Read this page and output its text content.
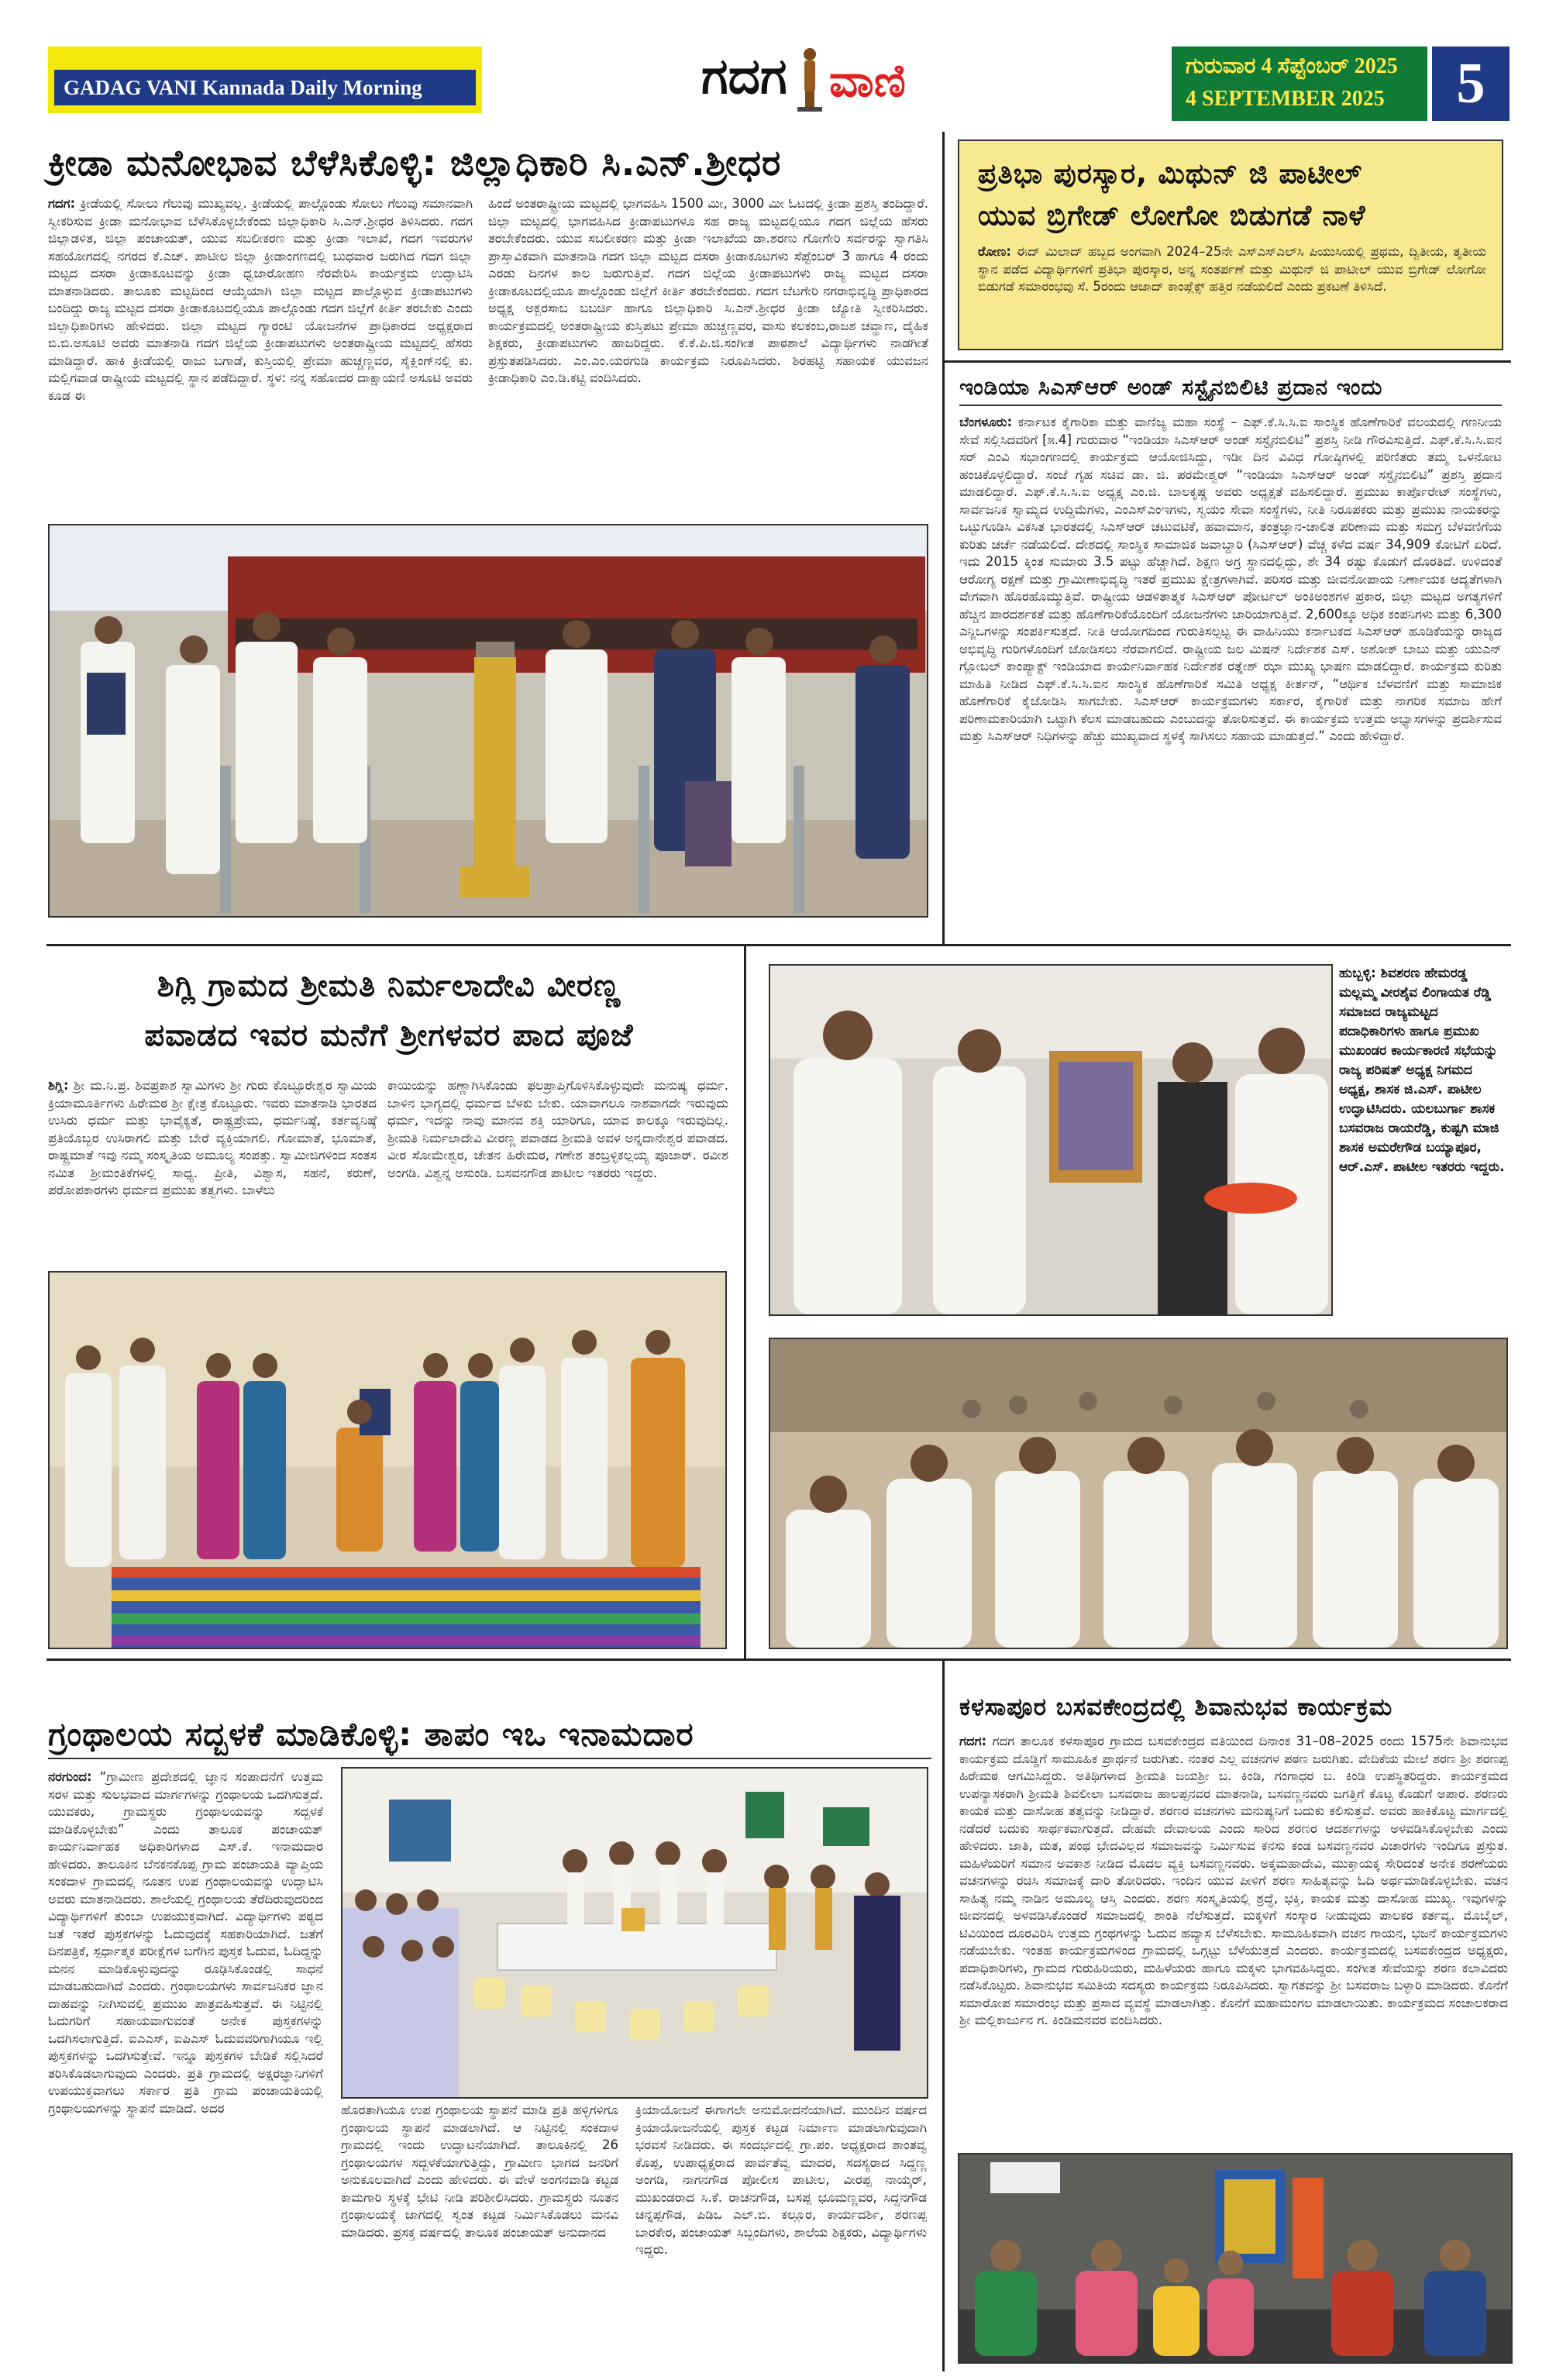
GADAG VANI Kannada Daily Morning	ಗದಗ ವಾಣಿ	ಗುರುವಾರ 4 ಸೆಪ್ಟೆಂಬರ್ 2025
4 SEPTEMBER 2025	5
ಕ್ರೀಡಾ ಮನೋಭಾವ ಬೆಳೆಸಿಕೊಳ್ಳಿ: ಜಿಲ್ಲಾಧಿಕಾರಿ ಸಿ.ಎನ್.ಶ್ರೀಧರ
ಗದಗ: ಕ್ರೀಡೆಯಲ್ಲಿ ಸೋಲು ಗೆಲುವು ಮುಖ್ಯವಲ್ಲ. ಕ್ರೀಡೆಯಲ್ಲಿ ಪಾಲ್ಗೊಂಡು ಸೋಲು ಗೆಲುವು ಸಮಾನವಾಗಿ ಸ್ವೀಕರಿಸುವ ಕ್ರೀಡಾ ಮನೋಭಾವ ಬೆಳೆಸಿಕೊಳ್ಳಬೇಕೆಂದು ಜಿಲ್ಲಾಧಿಕಾರಿ ಸಿ.ಎನ್.ಶ್ರೀಧರ ತಿಳಿಸಿದರು. ಗದಗ ಜಿಲ್ಲಾಡಳಿತ, ಜಿಲ್ಲಾ ಪಂಚಾಯತ್, ಯುವ ಸಬಲೀಕರಣ ಮತ್ತು ಕ್ರೀಡಾ ಇಲಾಖೆ, ಗದಗ ಇವರುಗಳ ಸಹಯೋಗದಲ್ಲಿ ನಗರದ ಕೆ.ಎಚ್. ಪಾಟೀಲ ಜಿಲ್ಲಾ ಕ್ರೀಡಾಂಗಣದಲ್ಲಿ ಬುಧವಾರ ಜರುಗಿದ ಗದಗ ಜಿಲ್ಲಾ ಮಟ್ಟದ ದಸರಾ ಕ್ರೀಡಾಕೂಟವನ್ನು ಕ್ರೀಡಾ ಧ್ವಜಾರೋಹಣ ನೆರವೇರಿಸಿ ಕಾರ್ಯಕ್ರಮ ಉದ್ಘಾಟಿಸಿ ಮಾತನಾಡಿದರು. ತಾಲೂಕು ಮಟ್ಟದಿಂದ ಆಯ್ಕೆಯಾಗಿ ಜಿಲ್ಲಾ ಮಟ್ಟದ ಪಾಲ್ಗೊಳ್ಳುವ ಕ್ರೀಡಾಪಟುಗಳು ಬಂದಿದ್ದು ರಾಜ್ಯ ಮಟ್ಟದ ದಸರಾ ಕ್ರೀಡಾಕೂಟದಲ್ಲಿಯೂ ಪಾಲ್ಗೊಂಡು ಗದಗ ಜಿಲ್ಲೆಗೆ ಕೀರ್ತಿ ತರಬೇಕು ಎಂದು ಜಿಲ್ಲಾಧಿಕಾರಿಗಳು ಹೇಳಿದರು. ಜಿಲ್ಲಾ ಮಟ್ಟದ ಗ್ಯಾರಂಟಿ ಯೋಜನೆಗಳ ಪ್ರಾಧಿಕಾರದ ಅಧ್ಯಕ್ಷರಾದ ಬಿ.ಬಿ.ಅಸೂಟಿ ಅವರು ಮಾತನಾಡಿ ಗದಗ ಜಿಲ್ಲೆಯ ಕ್ರೀಡಾಪಟುಗಳು ಅಂತರಾಷ್ಟ್ರೀಯ ಮಟ್ಟದಲ್ಲಿ ಹೆಸರು ಮಾಡಿದ್ದಾರೆ. ಹಾಕಿ ಕ್ರೀಡೆಯಲ್ಲಿ ರಾಜು ಬಗಾಡೆ, ಕುಸ್ತಿಯಲ್ಲಿ ಪ್ರೇಮಾ ಹುಚ್ಚಣ್ಣವರ, ಸೈಕ್ಲಿಂಗ್‌ನಲ್ಲಿ ಕು. ಮಲ್ಲಿಗವಾಡ ರಾಷ್ಟ್ರೀಯ ಮಟ್ಟದಲ್ಲಿ ಸ್ಥಾನ ಪಡೆದಿದ್ದಾರೆ. ಸ್ಥಳ: ನನ್ನ ಸಹೋದರ ದಾಕ್ಷಾಯಣಿ ಅಸೂಟಿ ಅವರು ಕೂಡ ಈ
ಹಿಂದೆ ಅಂತರಾಷ್ಟ್ರೀಯ ಮಟ್ಟದಲ್ಲಿ ಭಾಗವಹಿಸಿ 1500 ಮೀ, 3000 ಮೀ ಓಟದಲ್ಲಿ ಕ್ರೀಡಾ ಪ್ರಶಸ್ತಿ ತಂದಿದ್ದಾರೆ. ಜಿಲ್ಲಾ ಮಟ್ಟದಲ್ಲಿ ಭಾಗವಹಿಸಿದ ಕ್ರೀಡಾಪಟುಗಳೂ ಸಹ ರಾಜ್ಯ ಮಟ್ಟದಲ್ಲಿಯೂ ಗದಗ ಜಿಲ್ಲೆಯ ಹೆಸರು ತರಬೇಕೆಂದರು. ಯುವ ಸಬಲೀಕರಣ ಮತ್ತು ಕ್ರೀಡಾ ಇಲಾಖೆಯ ಡಾ.ಶರಣು ಗೋಗೇರಿ ಸರ್ವರನ್ನು ಸ್ವಾಗತಿಸಿ ಪ್ರಾಸ್ತಾವಿಕವಾಗಿ ಮಾತನಾಡಿ ಗದಗ ಜಿಲ್ಲಾ ಮಟ್ಟದ ದಸರಾ ಕ್ರೀಡಾಕೂಟಗಳು ಸೆಪ್ಟೆಂಬರ್ 3 ಹಾಗೂ 4 ರಂದು ಎರಡು ದಿನಗಳ ಕಾಲ ಜರುಗುತ್ತಿವೆ. ಗದಗ ಜಿಲ್ಲೆಯ ಕ್ರೀಡಾಪಟುಗಳು ರಾಜ್ಯ ಮಟ್ಟದ ದಸರಾ ಕ್ರೀಡಾಕೂಟದಲ್ಲಿಯೂ ಪಾಲ್ಗೊಂಡು ಜಿಲ್ಲೆಗೆ ಕೀರ್ತಿ ತರಬೇಕೆಂದರು. ಗದಗ ಬೆಟಗೇರಿ ನಗರಾಭಿವೃದ್ಧಿ ಪ್ರಾಧಿಕಾರದ ಅಧ್ಯಕ್ಷ ಅಕ್ಬರಸಾಬ ಬಬರ್ಚಿ ಹಾಗೂ ಜಿಲ್ಲಾಧಿಕಾರಿ ಸಿ.ಎನ್.ಶ್ರೀಧರ ಕ್ರೀಡಾ ಜ್ಯೋತಿ ಸ್ವೀಕರಿಸಿದರು. ಕಾರ್ಯಕ್ರಮದಲ್ಲಿ ಅಂತರಾಷ್ಟ್ರೀಯ ಕುಸ್ತಿಪಟು ಪ್ರೇಮಾ ಹುಚ್ಚಣ್ಣವರ, ವಾಸು ಕಲಕಂಬ,ರಾಜಶ ಚವ್ಹಾಣ, ದೈಹಿಕ ಶಿಕ್ಷಕರು, ಕ್ರೀಡಾಪಟುಗಳು ಹಾಜರಿದ್ದರು. ಕೆ.ಕೆ.ಪಿ.ಜಿ.ಸಂಗೀತ ಪಾಠಶಾಲೆ ವಿದ್ಯಾರ್ಥಿಗಳು ನಾಡಗೀತೆ ಪ್ರಸ್ತುತಪಡಿಸಿದರು. ಎಂ.ಎಂ.ಯರಗುಡಿ ಕಾರ್ಯಕ್ರಮ ನಿರೂಪಿಸಿದರು. ಶಿರಹಟ್ಟಿ ಸಹಾಯಕ ಯುವಜನ ಕ್ರೀಡಾಧಿಕಾರಿ ಎಂ.ಡಿ.ಕಟ್ಟಿ ವಂದಿಸಿದರು.
ಪ್ರತಿಭಾ ಪುರಸ್ಕಾರ, ಮಿಥುನ್ ಜಿ ಪಾಟೀಲ್
ಯುವ ಬ್ರಿಗೇಡ್ ಲೋಗೋ ಬಿಡುಗಡೆ ನಾಳೆ
ರೋಣ: ಈದ್ ಮಿಲಾದ್ ಹಬ್ಬದ ಅಂಗವಾಗಿ 2024–25ನೇ ಎಸ್ಎಸ್ಎಲ್‌ಸಿ ಪಿಯುಸಿಯಲ್ಲಿ ಪ್ರಥಮ, ದ್ವಿತೀಯ, ತೃತೀಯ ಸ್ಥಾನ ಪಡೆದ ವಿದ್ಯಾರ್ಥಿಗಳಿಗೆ ಪ್ರತಿಭಾ ಪುರಸ್ಕಾರ, ಅನ್ನ ಸಂತರ್ಪಣೆ ಮತ್ತು ಮಿಥುನ್ ಜಿ ಪಾಟೀಲ್ ಯುವ ಬ್ರಿಗೇಡ್ ಲೋಗೋ ಬಿಡುಗಡೆ ಸಮಾರಂಭವು ಸೆ. 5ರಂದು ಆಜಾದ್ ಕಾಂಪ್ಲೆಕ್ಸ್ ಹತ್ತಿರ ನಡೆಯಲಿದೆ ಎಂದು ಪ್ರಕಟಣೆ ತಿಳಿಸಿದೆ.
ಇಂಡಿಯಾ ಸಿಎಸ್ಆರ್ ಅಂಡ್ ಸಸ್ಟೈನಬಿಲಿಟಿ ಪ್ರದಾನ ಇಂದು
ಬೆಂಗಳೂರು: ಕರ್ನಾಟಕ ಕೈಗಾರಿಕಾ ಮತ್ತು ವಾಣಿಜ್ಯ ಮಹಾ ಸಂಸ್ಥೆ – ಎಫ್.ಕೆ.ಸಿ.ಸಿ.ಐ ಸಾಂಸ್ಥಿಕ ಹೊಣೆಗಾರಿಕೆ ವಲಯದಲ್ಲಿ ಗಣನೀಯ ಸೇವೆ ಸಲ್ಲಿಸಿದವರಿಗೆ [೫.4] ಗುರುವಾರ “ಇಂಡಿಯಾ ಸಿಎಸ್ಆರ್ ಅಂಡ್ ಸಸ್ಟೈನಬಿಲಿಟಿ” ಪ್ರಶಸ್ತಿ ನೀಡಿ ಗೌರವಿಸುತ್ತಿದೆ. ಎಫ್.ಕೆ.ಸಿ.ಸಿ.ಐನ ಸರ್ ಎಂವಿ ಸಭಾಂಗಣದಲ್ಲಿ ಕಾರ್ಯಕ್ರಮ ಆಯೋಜಿಸಿದ್ದು, ಇಡೀ ದಿನ ವಿವಿಧ ಗೋಷ್ಠಿಗಳಲ್ಲಿ ಪರಿಣಿತರು ತಮ್ಮ ಒಳನೋಟ ಹಂಚಿಕೊಳ್ಳಲಿದ್ದಾರೆ. ಸಂಜೆ ಗೃಹ ಸಚಿವ ಡಾ. ಜಿ. ಪರಮೇಶ್ವರ್ “ಇಂಡಿಯಾ ಸಿಎಸ್ಆರ್ ಅಂಡ್ ಸಸ್ಟೈನಬಿಲಿಟಿ” ಪ್ರಶಸ್ತಿ ಪ್ರದಾನ ಮಾಡಲಿದ್ದಾರೆ. ಎಫ್.ಕೆ.ಸಿ.ಸಿ.ಐ ಅಧ್ಯಕ್ಷ ಎಂ.ಜಿ. ಬಾಲಕೃಷ್ಣ ಅವರು ಅಧ್ಯಕ್ಷತೆ ವಹಿಸಲಿದ್ದಾರೆ. ಪ್ರಮುಖ ಕಾರ್ಪೊರೇಟ್ ಸಂಸ್ಥೆಗಳು, ಸಾರ್ವಜನಿಕ ಸ್ವಾಮ್ಯದ ಉದ್ದಿಮೆಗಳು, ಎಂಎಸ್ಎಂಇಗಳು, ಸ್ವಯಂ ಸೇವಾ ಸಂಸ್ಥೆಗಳು, ನೀತಿ ನಿರೂಪಕರು ಮತ್ತು ಪ್ರಮುಖ ನಾಯಕರನ್ನು ಒಟ್ಟುಗೂಡಿಸಿ ವಿಕಸಿತ ಭಾರತದಲ್ಲಿ ಸಿಎಸ್ಆರ್ ಚಟುವಟಿಕೆ, ಹವಾಮಾನ, ತಂತ್ರಜ್ಞಾನ-ಚಾಲಿತ ಪರಿಣಾಮ ಮತ್ತು ಸಮಗ್ರ ಬೆಳವಣಿಗೆಯ ಕುರಿತು ಚರ್ಚೆ ನಡೆಯಲಿದೆ. ದೇಶದಲ್ಲಿ ಸಾಂಸ್ಥಿಕ ಸಾಮಾಜಿಕ ಜವಾಬ್ದಾರಿ (ಸಿಎಸ್ಆರ್) ವೆಚ್ಚ ಕಳೆದ ವರ್ಷ 34,909 ಕೋಟಿಗೆ ಏರಿದೆ. ಇದು 2015 ಕ್ಕಿಂತ ಸುಮಾರು 3.5 ಪಟ್ಟು ಹೆಚ್ಚಾಗಿದೆ. ಶಿಕ್ಷಣ ಅಗ್ರ ಸ್ಥಾನದಲ್ಲಿದ್ದು, ಶೇ 34 ರಷ್ಟು ಕೊಡುಗೆ ದೊರತಿದೆ. ಉಳಿದಂತೆ ಆರೋಗ್ಯ ರಕ್ಷಣೆ ಮತ್ತು ಗ್ರಾಮೀಣಾಭಿವೃದ್ಧಿ ಇತರೆ ಪ್ರಮುಖ ಕ್ಷೇತ್ರಗಳಾಗಿವೆ. ಪರಿಸರ ಮತ್ತು ಜೀವನೋಪಾಯ ನಿರ್ಣಾಯಕ ಆದ್ಯತೆಗಳಾಗಿ ವೇಗವಾಗಿ ಹೊರಹೊಮ್ಮುತ್ತಿವೆ. ರಾಷ್ಟ್ರೀಯ ಆಡಳಿತಾತ್ಮಕ ಸಿಎಸ್ಆರ್ ಪೋರ್ಟಲ್ ಅಂಕಿಅಂಶಗಳ ಪ್ರಕಾರ, ಜಿಲ್ಲಾ ಮಟ್ಟದ ಅಗತ್ಯಗಳಿಗೆ ಹೆಚ್ಚಿನ ಪಾರದರ್ಶಕತೆ ಮತ್ತು ಹೊಣೆಗಾರಿಕೆಯೊಂದಿಗೆ ಯೋಜನೆಗಳು ಜಾರಿಯಾಗುತ್ತಿವೆ. 2,600ಕ್ಕೂ ಅಧಿಕ ಕಂಪನಿಗಳು ಮತ್ತು 6,300 ಎನ್ಜಿಒಗಳನ್ನು ಸಂಪರ್ಕಿಸುತ್ತದೆ. ನೀತಿ ಆಯೋಗದಿಂದ ಗುರುತಿಸಲ್ಪಟ್ಟ ಈ ವಾಹಿನಿಯು ಕರ್ನಾಟಕದ ಸಿಎಸ್ಆರ್ ಹೂಡಿಕೆಯನ್ನು ರಾಜ್ಯದ ಅಭಿವೃದ್ಧಿ ಗುರಿಗಳೊಂದಿಗೆ ಜೋಡಿಸಲು ನೆರವಾಗಲಿದೆ. ರಾಷ್ಟ್ರೀಯ ಜಲ ಮಿಷನ್ ನಿರ್ದೇಶಕ ಎಸ್. ಅಶೋಕ್ ಬಾಬು ಮತ್ತು ಯುಎನ್ ಗ್ಲೋಬಲ್ ಕಾಂಪ್ಯಾಕ್ಟ್ ಇಂಡಿಯಾದ ಕಾರ್ಯನಿರ್ವಾಹಕ ನಿರ್ದೇಶಕ ರತ್ನೇಶ್ ಝಾ ಮುಖ್ಯ ಭಾಷಣ ಮಾಡಲಿದ್ದಾರೆ. ಕಾರ್ಯಕ್ರಮ ಕುರಿತು ಮಾಹಿತಿ ನೀಡಿದ ಎಫ್.ಕೆ.ಸಿ.ಸಿ.ಐನ ಸಾಂಸ್ಥಿಕ ಹೊಣೆಗಾರಿಕೆ ಸಮಿತಿ ಅಧ್ಯಕ್ಷ ಕೀರ್ತನ್, “ಆರ್ಥಿಕ ಬೆಳವಣಿಗೆ ಮತ್ತು ಸಾಮಾಜಿಕ ಹೊಣೆಗಾರಿಕೆ ಕೈಜೋಡಿಸಿ ಸಾಗಬೇಕು. ಸಿಎಸ್ಆರ್ ಕಾರ್ಯಕ್ರಮಗಳು ಸರ್ಕಾರ, ಕೈಗಾರಿಕೆ ಮತ್ತು ನಾಗರಿಕ ಸಮಾಜ ಹೇಗೆ ಪರಿಣಾಮಕಾರಿಯಾಗಿ ಒಟ್ಟಾಗಿ ಕೆಲಸ ಮಾಡಬಹುದು ಎಂಬುದನ್ನು ತೋರಿಸುತ್ತವೆ. ಈ ಕಾರ್ಯಕ್ರಮ ಉತ್ತಮ ಅಭ್ಯಾಸಗಳನ್ನು ಪ್ರದರ್ಶಿಸುವ ಮತ್ತು ಸಿಎಸ್ಆರ್ ನಿಧಿಗಳನ್ನು ಹೆಚ್ಚು ಮುಖ್ಯವಾದ ಸ್ಥಳಕ್ಕೆ ಸಾಗಿಸಲು ಸಹಾಯ ಮಾಡುತ್ತದೆ.” ಎಂದು ಹೇಳಿದ್ದಾರೆ.
ಶಿಗ್ಲಿ ಗ್ರಾಮದ ಶ್ರೀಮತಿ ನಿರ್ಮಲಾದೇವಿ ವೀರಣ್ಣ
ಪವಾಡದ ಇವರ ಮನೆಗೆ ಶ್ರೀಗಳವರ ಪಾದ ಪೂಜೆ
ಶಿಗ್ಲಿ: ಶ್ರೀ ಮ.ನಿ.ಪ್ರ. ಶಿವಪ್ರಕಾಶ ಸ್ವಾಮಿಗಳು ಶ್ರೀ ಗುರು ಕೊಟ್ಟೂರೇಶ್ವರ ಸ್ವಾಮಿಯ ಕ್ರಿಯಾಮೂರ್ತಿಗಳು ಹಿರೇಮಠ ಶ್ರೀ ಕ್ಷೇತ್ರ ಕೊಟ್ಟೂರು. ಇವರು ಮಾತನಾಡಿ ಭಾರತದ ಉಸಿರು ಧರ್ಮ ಮತ್ತು ಭಾವೈಕ್ಯತೆ, ರಾಷ್ಟ್ರಪ್ರೇಮ, ಧರ್ಮನಿಷ್ಠೆ, ಕರ್ತವ್ಯನಿಷ್ಠೆ ಪ್ರತಿಯೊಬ್ಬರ ಉಸಿರಾಗಲಿ ಮತ್ತು ಬೇರೆ ವ್ಯಕ್ತಿಯಾಗಲಿ. ಗೋಮಾತೆ, ಭೂಮಾತೆ, ರಾಷ್ಟ್ರಮಾತೆ ಇವು ನಮ್ಮ ಸಂಸ್ಕೃತಿಯ ಅಮೂಲ್ಯ ಸಂಪತ್ತು. ಸ್ವಾಮೀಜಿಗಳಿಂದ ಸಂತಸ ನಮಿತ ಶ್ರೀಮಂತಿಕೆಗಳಲ್ಲಿ ಸಾಧ್ಯ. ಪ್ರೀತಿ, ವಿಶ್ವಾಸ, ಸಹನೆ, ಕರುಣೆ, ಪರೋಪಕಾರಗಳು ಧರ್ಮದ ಪ್ರಮುಖ ತತ್ವಗಳು. ಬಾಳೆಲು
ಕಾಯಿಯನ್ನು ಹಣ್ಣಾಗಿಸಿಕೊಂಡು ಫಲಪ್ರಾಪ್ತಿಗೊಳಿಸಿಕೊಳ್ಳುವುದೇ ಮನುಷ್ಯ ಧರ್ಮ. ಬಾಳಿನ ಭಾಗ್ಯದಲ್ಲಿ ಧರ್ಮದ ಬೆಳಕು ಬೇಕು. ಯಾವಾಗಲೂ ನಾಶವಾಗದೇ ಇರುವುದು ಧರ್ಮ, ಇದನ್ನು ನಾವು ಮಾನವ ಶಕ್ತಿ ಯಾರಿಗೂ, ಯಾವ ಕಾಲಕ್ಕೂ ಇರುವುದಿಲ್ಲ. ಶ್ರೀಮತಿ ನಿರ್ಮಲಾದೇವಿ ವೀರಣ್ಣ ಪವಾಡದ ಶ್ರೀಮತಿ ಅವಳ ಅನ್ನದಾನೇಶ್ವರ ಪವಾಡದ. ವೀರ ಸೋಮೇಶ್ವರ, ಚೇತನ ಹಿರೇಮಠ, ಗಣೇಶ ತಂಬ್ರಳ್ಳಿಕಲ್ಲಯ್ಯ ಪೂಜಾರ್. ರವೀಶ ಅಂಗಡಿ. ವಿಶ್ವನ್ನ ಅಸುಂಡಿ. ಬಸವನಗೌಡ ಪಾಟೀಲ ಇತರರು ಇದ್ದರು.
ಹುಬ್ಬಳ್ಳಿ: ಶಿವಶರಣ ಹೇಮರಡ್ಡ ಮಲ್ಲಮ್ಮ ವೀರಶೈವ ಲಿಂಗಾಯತ ರೆಡ್ಡಿ ಸಮಾಜದ ರಾಜ್ಯಮಟ್ಟದ ಪದಾಧಿಕಾರಿಗಳು ಹಾಗೂ ಪ್ರಮುಖ ಮುಖಂಡರ ಕಾರ್ಯಕಾರಣಿ ಸಭೆಯನ್ನು ರಾಜ್ಯ ಪರಿಷತ್ ಅಧ್ಯಕ್ಷ ನಿಗಮದ ಅಧ್ಯಕ್ಷ, ಶಾಸಕ ಜಿ.ಎಸ್. ಪಾಟೀಲ ಉದ್ಘಾಟಿಸಿದರು. ಯಲಬುರ್ಗಾ ಶಾಸಕ ಬಸವರಾಜ ರಾಯರೆಡ್ಡಿ, ಕುಷ್ಟಗಿ ಮಾಜಿ ಶಾಸಕ ಅಮರೇಗೌಡ ಬಯ್ಯಾಪೂರ, ಆರ್.ಎಸ್. ಪಾಟೀಲ ಇತರರು ಇದ್ದರು.
ಗ್ರಂಥಾಲಯ ಸದ್ಬಳಕೆ ಮಾಡಿಕೊಳ್ಳಿ: ತಾಪಂ ಇಒ ಇನಾಮದಾರ
ನರಗುಂದ: “ಗ್ರಾಮೀಣ ಪ್ರದೇಶದಲ್ಲಿ ಜ್ಞಾನ ಸಂಪಾದನೆಗೆ ಉತ್ತಮ ಸರಳ ಮತ್ತು ಸುಲಭವಾದ ಮಾರ್ಗಗಳನ್ನು ಗ್ರಂಥಾಲಯ ಒದಗಿಸುತ್ತದೆ. ಯುವಕರು, ಗ್ರಾಮಸ್ಥರು ಗ್ರಂಥಾಲಯವನ್ನು ಸದ್ಬಳಕೆ ಮಾಡಿಕೊಳ್ಳಬೇಕು” ಎಂದು ತಾಲೂಕ ಪಂಚಾಯತ್ ಕಾರ್ಯನಿರ್ವಾಹಕ ಅಧಿಕಾರಿಗಳಾದ ಎಸ್.ಕೆ. ಇನಾಮದಾರ ಹೇಳಿದರು. ತಾಲೂಕಿನ ಬೆನಕನಕೊಪ್ಪ ಗ್ರಾಮ ಪಂಚಾಯತಿ ವ್ಯಾಪ್ತಿಯ ಸಂಕದಾಳ ಗ್ರಾಮದಲ್ಲಿ ನೂತನ ಉಪ ಗ್ರಂಥಾಲಯವನ್ನು ಉದ್ಘಾಟಿಸಿ ಅವರು ಮಾತನಾಡಿದರು. ಶಾಲೆಯಲ್ಲಿ ಗ್ರಂಥಾಲಯ ತೆರೆದಿರುವುದರಿಂದ ವಿದ್ಯಾರ್ಥಿಗಳಿಗೆ ತುಂಬಾ ಉಪಯುಕ್ತವಾಗಿದೆ. ವಿದ್ಯಾರ್ಥಿಗಳು ಪಠ್ಯದ ಜತೆ ಇತರೆ ಪುಸ್ತಕಗಳನ್ನು ಓದುವುದಕ್ಕೆ ಸಹಕಾರಿಯಾಗಿದೆ. ಜತೆಗೆ ದಿನಪತ್ರಿಕೆ, ಸ್ಪರ್ಧಾತ್ಮಕ ಪರೀಕ್ಷೆಗಳ ಬಗೆಗಿನ ಪುಸ್ತಕ ಓದುವ, ಓದಿದ್ದನ್ನು ಮನನ ಮಾಡಿಕೊಳ್ಳುವುದನ್ನು ರೂಢಿಸಿಕೊಂಡಲ್ಲಿ ಸಾಧನೆ ಮಾಡಬಹುದಾಗಿದೆ ಎಂದರು. ಗ್ರಂಥಾಲಯಗಳು ಸಾರ್ವಜನಿಕರ ಜ್ಞಾನ ದಾಹವನ್ನು ನೀಗಿಸುವಲ್ಲಿ ಪ್ರಮುಖ ಪಾತ್ರವಹಿಸುತ್ತವೆ. ಈ ನಿಟ್ಟಿನಲ್ಲಿ ಓದುಗರಿಗೆ ಸಹಾಯವಾಗುವಂತೆ ಅನೇಕ ಪುಸ್ತಕಗಳನ್ನು ಒದಗಿಸಲಾಗುತ್ತಿದೆ. ಐಎಎಸ್, ಐಪಿಎಸ್ ಓದುವವರಿಗಾಗಿಯೂ ಇಲ್ಲಿ ಪುಸ್ತಕಗಳನ್ನು ಒದಗಿಸುತ್ತೇವೆ. ಇನ್ನೂ ಪುಸ್ತಕಗಳ ಬೇಡಿಕೆ ಸಲ್ಲಿಸಿದರೆ ತರಿಸಿಕೊಡಲಾಗುವುದು ಎಂದರು. ಪ್ರತಿ ಗ್ರಾಮದಲ್ಲಿ ಅಕ್ಷರಜ್ಞಾನಿಗಳಿಗೆ ಉಪಯುಕ್ತವಾಗಲು ಸರ್ಕಾರ ಪ್ರತಿ ಗ್ರಾಮ ಪಂಚಾಯತಿಯಲ್ಲಿ ಗ್ರಂಥಾಲಯಗಳನ್ನು ಸ್ಥಾಪನೆ ಮಾಡಿದೆ. ಅದರ	ಹೊರತಾಗಿಯೂ ಉಪ ಗ್ರಂಥಾಲಯ ಸ್ಥಾಪನೆ ಮಾಡಿ ಪ್ರತಿ ಹಳ್ಳಿಗಳಿಗೂ ಗ್ರಂಥಾಲಯ ಸ್ಥಾಪನೆ ಮಾಡಲಾಗಿದೆ. ಆ ನಿಟ್ಟಿನಲ್ಲಿ ಸಂಕದಾಳ ಗ್ರಾಮದಲ್ಲಿ ಇಂದು ಉದ್ಘಾಟನೆಯಾಗಿದೆ. ತಾಲೂಕಿನಲ್ಲಿ 26 ಗ್ರಂಥಾಲಯಗಳ ಸದ್ಬಳಕೆಯಾಗುತ್ತಿದ್ದು, ಗ್ರಾಮೀಣ ಭಾಗದ ಜನರಿಗೆ ಅನುಕೂಲವಾಗಿದೆ ಎಂದು ಹೇಳಿದರು. ಈ ವೇಳೆ ಅಂಗನವಾಡಿ ಕಟ್ಟಡ ಕಾಮಗಾರಿ ಸ್ಥಳಕ್ಕೆ ಭೇಟಿ ನೀಡಿ ಪರಿಶೀಲಿಸಿದರು. ಗ್ರಾಮಸ್ಥರು ನೂತನ ಗ್ರಂಥಾಲಯಕ್ಕೆ ಜಾಗದಲ್ಲಿ ಸ್ವಂತ ಕಟ್ಟಡ ನಿರ್ಮಿಸಿಕೊಡಲು ಮನವಿ ಮಾಡಿದರು. ಪ್ರಸಕ್ತ ವರ್ಷದಲ್ಲಿ ತಾಲೂಕ ಪಂಚಾಯತ್ ಅನುದಾನದ
ಕ್ರಿಯಾಯೋಜನೆ ಈಗಾಗಲೇ ಅನುಮೋದನೆಯಾಗಿದೆ. ಮುಂದಿನ ವರ್ಷದ ಕ್ರಿಯಾಯೋಜನೆಯಲ್ಲಿ ಪುಸ್ತಕ ಕಟ್ಟಡ ನಿರ್ಮಾಣ ಮಾಡಲಾಗುವುದಾಗಿ ಭರವಸೆ ನೀಡಿದರು. ಈ ಸಂದರ್ಭದಲ್ಲಿ ಗ್ರಾ.ಪಂ. ಅಧ್ಯಕ್ಷರಾದ ಶಾಂತವ್ವ ಕೊಪ್ಪ, ಉಪಾಧ್ಯಕ್ಷರಾದ ಪಾರ್ವತೆವ್ವ ಮಾದರ, ಸದಸ್ಯರಾದ ಸಿದ್ದಣ್ಣ ಅಂಗಡಿ, ನಾಗನಗೌಡ ಪೋಲೀಸ ಪಾಟೀಲ, ವೀರಪ್ಪ ನಾಯ್ಕರ್, ಮುಖಂಡರಾದ ಸಿ.ಕೆ. ರಾಚನಗೌಡ, ಬಸಪ್ಪ ಭೂಮಣ್ಣವರ, ಸಿದ್ದನಗೌಡ ಚನ್ನಪ್ಪಗೌಡ, ಪಿಡಿಒ ಎಲ್.ಬಿ. ಕಲ್ಲೂರ, ಕಾರ್ಯದರ್ಶಿ, ಶರಣಪ್ಪ ಬಾರಕೇರ, ಪಂಚಾಯತ್ ಸಿಬ್ಬಂದಿಗಳು, ಶಾಲೆಯ ಶಿಕ್ಷಕರು, ವಿದ್ಯಾರ್ಥಿಗಳು ಇದ್ದರು.
ಕಳಸಾಪೂರ ಬಸವಕೇಂದ್ರದಲ್ಲಿ ಶಿವಾನುಭವ ಕಾರ್ಯಕ್ರಮ
ಗದಗ: ಗದಗ ತಾಲೂಕ ಕಳಸಾಪೂರ ಗ್ರಾಮದ ಬಸವಕೇಂದ್ರದ ವತಿಯಿಂದ ದಿನಾಂಕ 31–08–2025 ರಂದು 1575ನೇ ಶಿವಾನುಭವ ಕಾರ್ಯಕ್ರಮ ದೊಡ್ಡಿಗೆ ಸಾಮೂಹಿಕ ಪ್ರಾರ್ಥನೆ ಜರುಗಿತು. ನಂತರ ಎಲ್ಲ ವಚನಗಳ ಪಠಣ ಜರುಗಿತು. ವೇದಿಕೆಯ ಮೇಲೆ ಶರಣ ಶ್ರೀ ಶರಣಪ್ಪ ಹಿರೇಮಠ ಆಗಮಿಸಿದ್ದರು. ಅತಿಥಿಗಳಾದ ಶ್ರೀಮತಿ ಜಯಶ್ರೀ ಬ. ಕಿಂಡಿ, ಗಂಗಾಧರ ಬ. ಕಿಂಡಿ ಉಪಸ್ಥಿತರಿದ್ದರು. ಕಾರ್ಯಕ್ರಮದ ಉಪನ್ಯಾಸಕರಾಗಿ ಶ್ರೀಮತಿ ಶಿವಲೀಲಾ ಬಸವರಾಜ ಹಾಲಪ್ಪನವರ ಮಾತನಾಡಿ, ಬಸವಣ್ಣನವರು ಜಗತ್ತಿಗೆ ಕೊಟ್ಟ ಕೊಡುಗೆ ಅಪಾರ. ಶರಣರು ಕಾಯಕ ಮತ್ತು ದಾಸೋಹ ತತ್ವವನ್ನು ನೀಡಿದ್ದಾರೆ. ಶರಣರ ವಚನಗಳು ಮನುಷ್ಯನಿಗೆ ಬದುಕು ಕಲಿಸುತ್ತವೆ. ಅವರು ಹಾಕಿಕೊಟ್ಟ ಮಾರ್ಗದಲ್ಲಿ ನಡೆದರೆ ಬದುಕು ಸಾರ್ಥಕವಾಗುತ್ತದೆ. ದೇಹವೇ ದೇವಾಲಯ ಎಂದು ಸಾರಿದ ಶರಣರ ಆದರ್ಶಗಳನ್ನು ಅಳವಡಿಸಿಕೊಳ್ಳಬೇಕು ಎಂದು ಹೇಳಿದರು. ಜಾತಿ, ಮತ, ಪಂಥ ಭೇದವಿಲ್ಲದ ಸಮಾಜವನ್ನು ನಿರ್ಮಿಸುವ ಕನಸು ಕಂಡ ಬಸವಣ್ಣನವರ ವಿಚಾರಗಳು ಇಂದಿಗೂ ಪ್ರಸ್ತುತ. ಮಹಿಳೆಯರಿಗೆ ಸಮಾನ ಅವಕಾಶ ನೀಡಿದ ಮೊದಲ ವ್ಯಕ್ತಿ ಬಸವಣ್ಣನವರು. ಅಕ್ಕಮಹಾದೇವಿ, ಮುಕ್ತಾಯಕ್ಕ ಸೇರಿದಂತೆ ಅನೇಕ ಶರಣೆಯರು ವಚನಗಳನ್ನು ರಚಿಸಿ ಸಮಾಜಕ್ಕೆ ದಾರಿ ತೋರಿದರು. ಇಂದಿನ ಯುವ ಪೀಳಿಗೆ ಶರಣ ಸಾಹಿತ್ಯವನ್ನು ಓದಿ ಅರ್ಥಮಾಡಿಕೊಳ್ಳಬೇಕು. ವಚನ ಸಾಹಿತ್ಯ ನಮ್ಮ ನಾಡಿನ ಅಮೂಲ್ಯ ಆಸ್ತಿ ಎಂದರು. ಶರಣ ಸಂಸ್ಕೃತಿಯಲ್ಲಿ ಶ್ರದ್ಧೆ, ಭಕ್ತಿ, ಕಾಯಕ ಮತ್ತು ದಾಸೋಹ ಮುಖ್ಯ. ಇವುಗಳನ್ನು ಜೀವನದಲ್ಲಿ ಅಳವಡಿಸಿಕೊಂಡರೆ ಸಮಾಜದಲ್ಲಿ ಶಾಂತಿ ನೆಲೆಸುತ್ತದೆ. ಮಕ್ಕಳಿಗೆ ಸಂಸ್ಕಾರ ನೀಡುವುದು ಪಾಲಕರ ಕರ್ತವ್ಯ. ಮೊಬೈಲ್, ಟಿವಿಯಿಂದ ದೂರವಿರಿಸಿ ಉತ್ತಮ ಗ್ರಂಥಗಳನ್ನು ಓದುವ ಹವ್ಯಾಸ ಬೆಳೆಸಬೇಕು. ಸಾಮೂಹಿಕವಾಗಿ ವಚನ ಗಾಯನ, ಭಜನೆ ಕಾರ್ಯಕ್ರಮಗಳು ನಡೆಯಬೇಕು. ಇಂತಹ ಕಾರ್ಯಕ್ರಮಗಳಿಂದ ಗ್ರಾಮದಲ್ಲಿ ಒಗ್ಗಟ್ಟು ಬೆಳೆಯುತ್ತದೆ ಎಂದರು. ಕಾರ್ಯಕ್ರಮದಲ್ಲಿ ಬಸವಕೇಂದ್ರದ ಅಧ್ಯಕ್ಷರು, ಪದಾಧಿಕಾರಿಗಳು, ಗ್ರಾಮದ ಗುರುಹಿರಿಯರು, ಮಹಿಳೆಯರು ಹಾಗೂ ಮಕ್ಕಳು ಭಾಗವಹಿಸಿದ್ದರು. ಸಂಗೀತ ಸೇವೆಯನ್ನು ಶರಣ ಕಲಾವಿದರು ನಡೆಸಿಕೊಟ್ಟರು. ಶಿವಾನುಭವ ಸಮಿತಿಯ ಸದಸ್ಯರು ಕಾರ್ಯಕ್ರಮ ನಿರೂಪಿಸಿದರು. ಸ್ವಾಗತವನ್ನು ಶ್ರೀ ಬಸವರಾಜ ಬಳ್ಳಾರಿ ಮಾಡಿದರು. ಕೊನೆಗೆ ಸಮಾರೋಪ ಸಮಾರಂಭ ಮತ್ತು ಪ್ರಸಾದ ವ್ಯವಸ್ಥೆ ಮಾಡಲಾಗಿತ್ತು. ಕೊನೆಗೆ ಮಹಾಮಂಗಲ ಮಾಡಲಾಯಿತು. ಕಾರ್ಯಕ್ರಮದ ಸಂಚಾಲಕರಾದ ಶ್ರೀ ಮಲ್ಲಿಕಾರ್ಜುನ ಗ. ಕಿಂಡಿಮನವರ ವಂದಿಸಿದರು.
